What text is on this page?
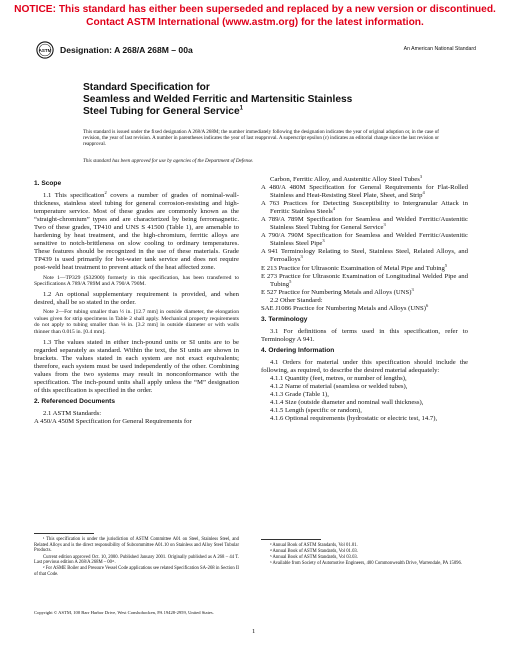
NOTICE: This standard has either been superseded and replaced by a new version or discontinued.
Contact ASTM International (www.astm.org) for the latest information.
ASTM Designation: A 268/A 268M – 00a	An American National Standard
Standard Specification for
Seamless and Welded Ferritic and Martensitic Stainless
Steel Tubing for General Service$^1$
This standard is issued under the fixed designation A 268/A 268M; the number immediately following the designation indicates the year of original adoption or, in the case of revision, the year of last revision. A number in parentheses indicates the year of last reapproval. A superscript epsilon (ε) indicates an editorial change since the last revision or reapproval.
This standard has been approved for use by agencies of the Department of Defense.

1. Scope

1.1 This specification$^2$ covers a number of grades of nominal-wall-thickness, stainless steel tubing for general corrosion-resisting and high-temperature service. Most of these grades are commonly known as the “straight-chromium” types and are characterized by being ferromagnetic. Two of these grades, TP410 and UNS S 41500 (Table 1), are amenable to hardening by heat treatment, and the high-chromium, ferritic alloys are sensitive to notch-brittleness on slow cooling to ordinary temperatures. These features should be recognized in the use of these materials. Grade TP439 is used primarily for hot-water tank service and does not require post-weld heat treatment to prevent attack of the heat affected zone.

Note 1—TP329 (S32900) formerly in this specification, has been transferred to Specifications A 789/A 789M and A 790/A 790M.

1.2 An optional supplementary requirement is provided, and when desired, shall be so stated in the order.

Note 2—For tubing smaller than ½ in. [12.7 mm] in outside diameter, the elongation values given for strip specimens in Table 2 shall apply. Mechanical property requirements do not apply to tubing smaller than ⅛ in. [3.2 mm] in outside diameter or with walls thinner than 0.015 in. [0.4 mm].

1.3 The values stated in either inch-pound units or SI units are to be regarded separately as standard. Within the text, the SI units are shown in brackets. The values stated in each system are not exact equivalents; therefore, each system must be used independently of the other. Combining values from the two systems may result in nonconformance with the specification. The inch-pound units shall apply unless the “M” designation of this specification is specified in the order.

2. Referenced Documents

2.1 ASTM Standards:

A 450/A 450M Specification for General Requirements for

Carbon, Ferritic Alloy, and Austenitic Alloy Steel Tubes$^3$

A 480/A 480M Specification for General Requirements for Flat-Rolled Stainless and Heat-Resisting Steel Plate, Sheet, and Strip$^4$

A 763 Practices for Detecting Susceptibility to Intergranular Attack in Ferritic Stainless Steels$^4$

A 789/A 789M Specification for Seamless and Welded Ferritic/Austenitic Stainless Steel Tubing for General Service$^3$

A 790/A 790M Specification for Seamless and Welded Ferritic/Austenitic Stainless Steel Pipe$^3$

A 941 Terminology Relating to Steel, Stainless Steel, Related Alloys, and Ferroalloys$^3$

E 213 Practice for Ultrasonic Examination of Metal Pipe and Tubing$^5$

E 273 Practice for Ultrasonic Examination of Longitudinal Welded Pipe and Tubing$^5$

E 527 Practice for Numbering Metals and Alloys (UNS)$^3$

2.2 Other Standard:

SAE J1086 Practice for Numbering Metals and Alloys (UNS)$^6$

3. Terminology

3.1 For definitions of terms used in this specification, refer to Terminology A 941.

4. Ordering Information

4.1 Orders for material under this specification should include the following, as required, to describe the desired material adequately:

4.1.1 Quantity (feet, metres, or number of lengths),

4.1.2 Name of material (seamless or welded tubes),

4.1.3 Grade (Table 1),

4.1.4 Size (outside diameter and nominal wall thickness),

4.1.5 Length (specific or random),

4.1.6 Optional requirements (hydrostatic or electric test, 14.7),

¹ This specification is under the jurisdiction of ASTM Committee A01 on Steel, Stainless Steel, and Related Alloys and is the direct responsibility of Subcommittee A01.10 on Stainless and Alloy Steel Tubular Products.

Current edition approved Oct. 10, 2000. Published January 2001. Originally published as A 268 – 44 T. Last previous edition A 268/A 268M – 00ᵋ¹.

² For ASME Boiler and Pressure Vessel Code applications see related Specification SA-268 in Section II of that Code.

³ Annual Book of ASTM Standards, Vol 01.01.

⁴ Annual Book of ASTM Standards, Vol 01.03.

⁵ Annual Book of ASTM Standards, Vol 03.03.

⁶ Available from Society of Automotive Engineers, 400 Commonwealth Drive, Warrendale, PA 15096.

Copyright © ASTM, 100 Barr Harbor Drive, West Conshohocken, PA 19428-2959, United States.
1
